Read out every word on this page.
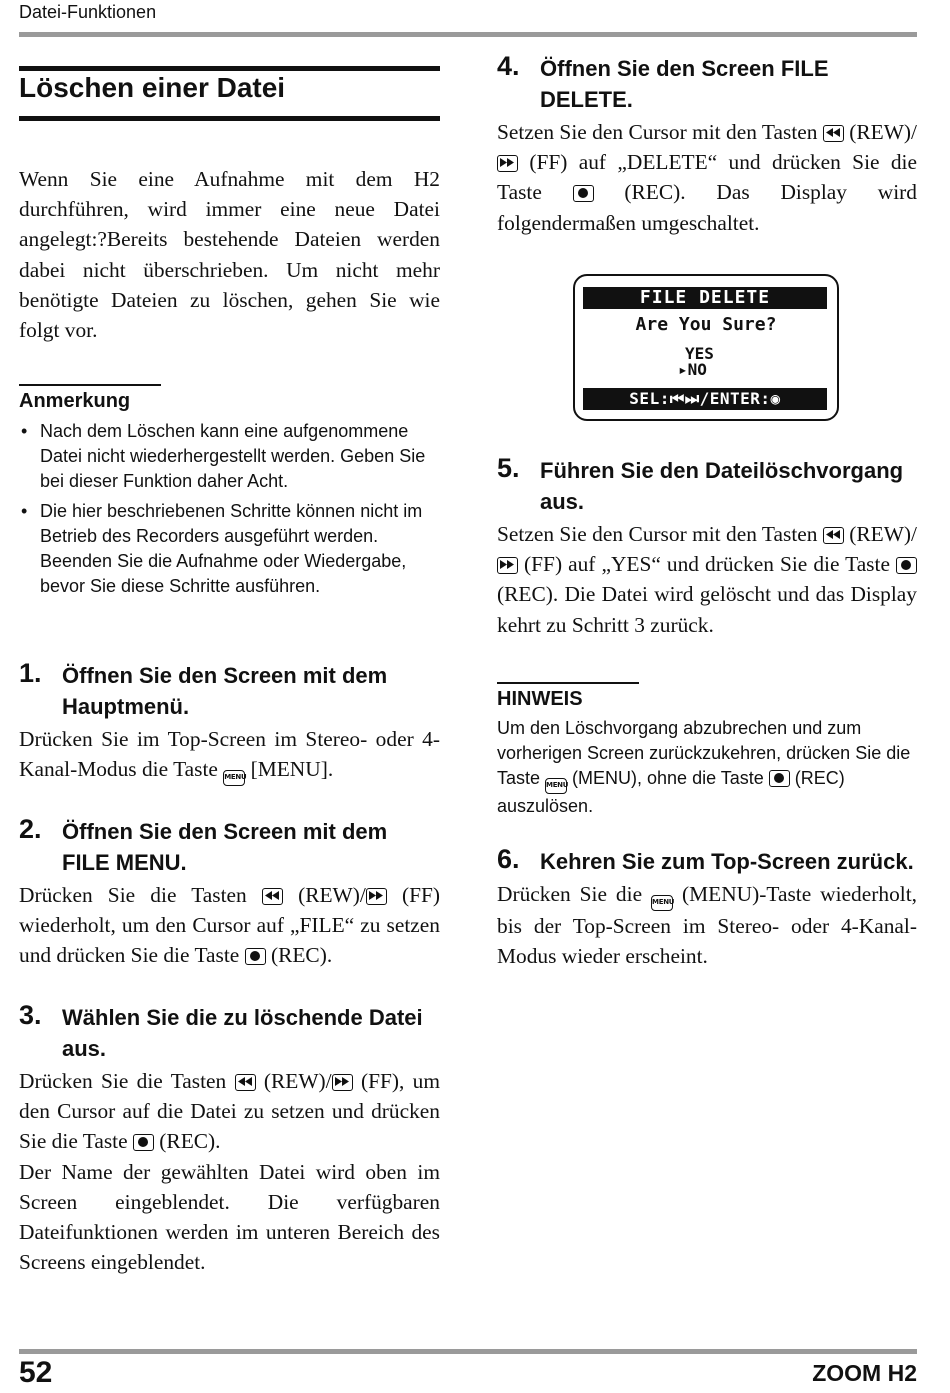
Datei-Funktionen
Löschen einer Datei

Wenn Sie eine Aufnahme mit dem H2 durchführen, wird immer eine neue Datei angelegt:?Bereits bestehende Dateien werden dabei nicht überschrieben. Um nicht mehr benötigte Dateien zu löschen, gehen Sie wie folgt vor.

Anmerkung
• Nach dem Löschen kann eine aufgenommene Datei nicht wiederhergestellt werden. Geben Sie bei dieser Funktion daher Acht.
• Die hier beschriebenen Schritte können nicht im Betrieb des Recorders ausgeführt werden. Beenden Sie die Aufnahme oder Wiedergabe, bevor Sie diese Schritte ausführen.
1. Öffnen Sie den Screen mit dem Hauptmenü.

Drücken Sie im Top-Screen im Stereo- oder 4-Kanal-Modus die Taste MENU [MENU].

2. Öffnen Sie den Screen mit dem FILE MENU.

Drücken Sie die Tasten
(REW)/
(FF) wiederholt, um den Cursor auf „FILE“ zu setzen und drücken Sie die Taste  (REC).

3. Wählen Sie die zu löschende Datei aus.

Drücken Sie die Tasten
(REW)/
(FF), um den Cursor auf die Datei zu setzen und drücken Sie die Taste  (REC).

Der Name der gewählten Datei wird oben im Screen eingeblendet. Die verfügbaren Dateifunktionen werden im unteren Bereich des Screens eingeblendet.

4. Öffnen Sie den Screen FILE DELETE.

Setzen Sie den Cursor mit den Tasten
(REW)/
(FF) auf „DELETE“ und drücken Sie die Taste  (REC). Das Display wird folgendermaßen umgeschaltet.

FILE DELETE
Are You Sure?
YES
▸NO
SEL:⏮⏭/ENTER:◉
5. Führen Sie den Dateilöschvorgang aus.

Setzen Sie den Cursor mit den Tasten
(REW)/
(FF) auf „YES“ und drücken Sie die Taste  (REC). Die Datei wird gelöscht und das Display kehrt zu Schritt 3 zurück.

HINWEIS
Um den Löschvorgang abzubrechen und zum vorherigen Screen zurückzukehren, drücken Sie die Taste MENU (MENU), ohne die Taste  (REC) auszulösen.
6. Kehren Sie zum Top-Screen zurück.

Drücken Sie die MENU (MENU)-Taste wiederholt, bis der Top-Screen im Stereo- oder 4-Kanal-Modus wieder erscheint.

52	ZOOM H2
